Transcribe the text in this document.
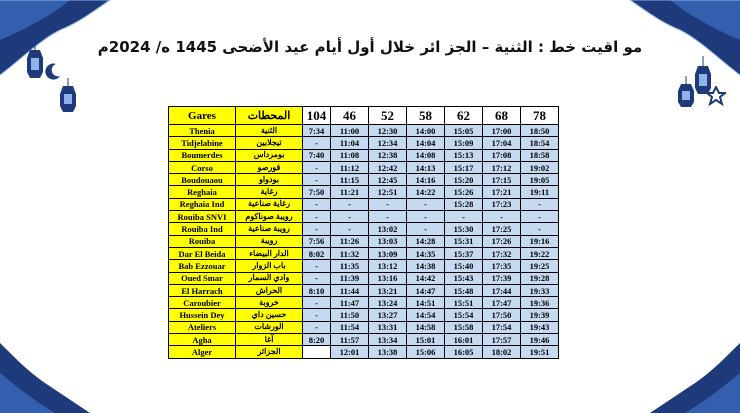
مو اقيت خط : الثنية – الجز ائر خلال أول أيام عيد الأضحى 1445 ه/ 2024م
Gares	المحطات	104	46	52	58	62	68	78
Thenia	الثنية	7:34	11:00	12:30	14:00	15:05	17:00	18:50
Tidjelabine	تيجلابين	-	11:04	12:34	14:04	15:09	17:04	18:54
Boumerdes	بومرداس	7:40	11:08	12:38	14:08	15:13	17:08	18:58
Corso	قورصو	-	11:12	12:42	14:13	15:17	17:12	19:02
Boudouaou	بودواو	-	11:15	12:45	14:16	15:20	17:15	19:05
Reghaia	رغاية	7:50	11:21	12:51	14:22	15:26	17:21	19:11
Reghaia Ind	رغاية صناعية	-	-	-	-	15:28	17:23	-
Rouiba SNVI	رويبة صوناكوم	-	-	-	-	-	-	-
Rouiba Ind	رويبة صناعية	-	-	13:02	-	15:30	17:25	-
Rouiba	رويبة	7:56	11:26	13:03	14:28	15:31	17:26	19:16
Dar El Beida	الدار البيضاء	8:02	11:32	13:09	14:35	15:37	17:32	19:22
Bab Ezzouar	باب الزوار	-	11:35	13:12	14:38	15:40	17:35	19:25
Oued Smar	وادي السمار	-	11:39	13:16	14:42	15:43	17:39	19:28
El Harrach	الحراش	8:10	11:44	13:21	14:47	15:48	17:44	19:33
Caroubier	خروبة	-	11:47	13:24	14:51	15:51	17:47	19:36
Hussein Dey	حسين داي	-	11:50	13:27	14:54	15:54	17:50	19:39
Ateliers	الورشات	-	11:54	13:31	14:58	15:58	17:54	19:43
Agha	آغا	8:20	11:57	13:34	15:01	16:01	17:57	19:46
Alger	الجزائر		12:01	13:38	15:06	16:05	18:02	19:51
